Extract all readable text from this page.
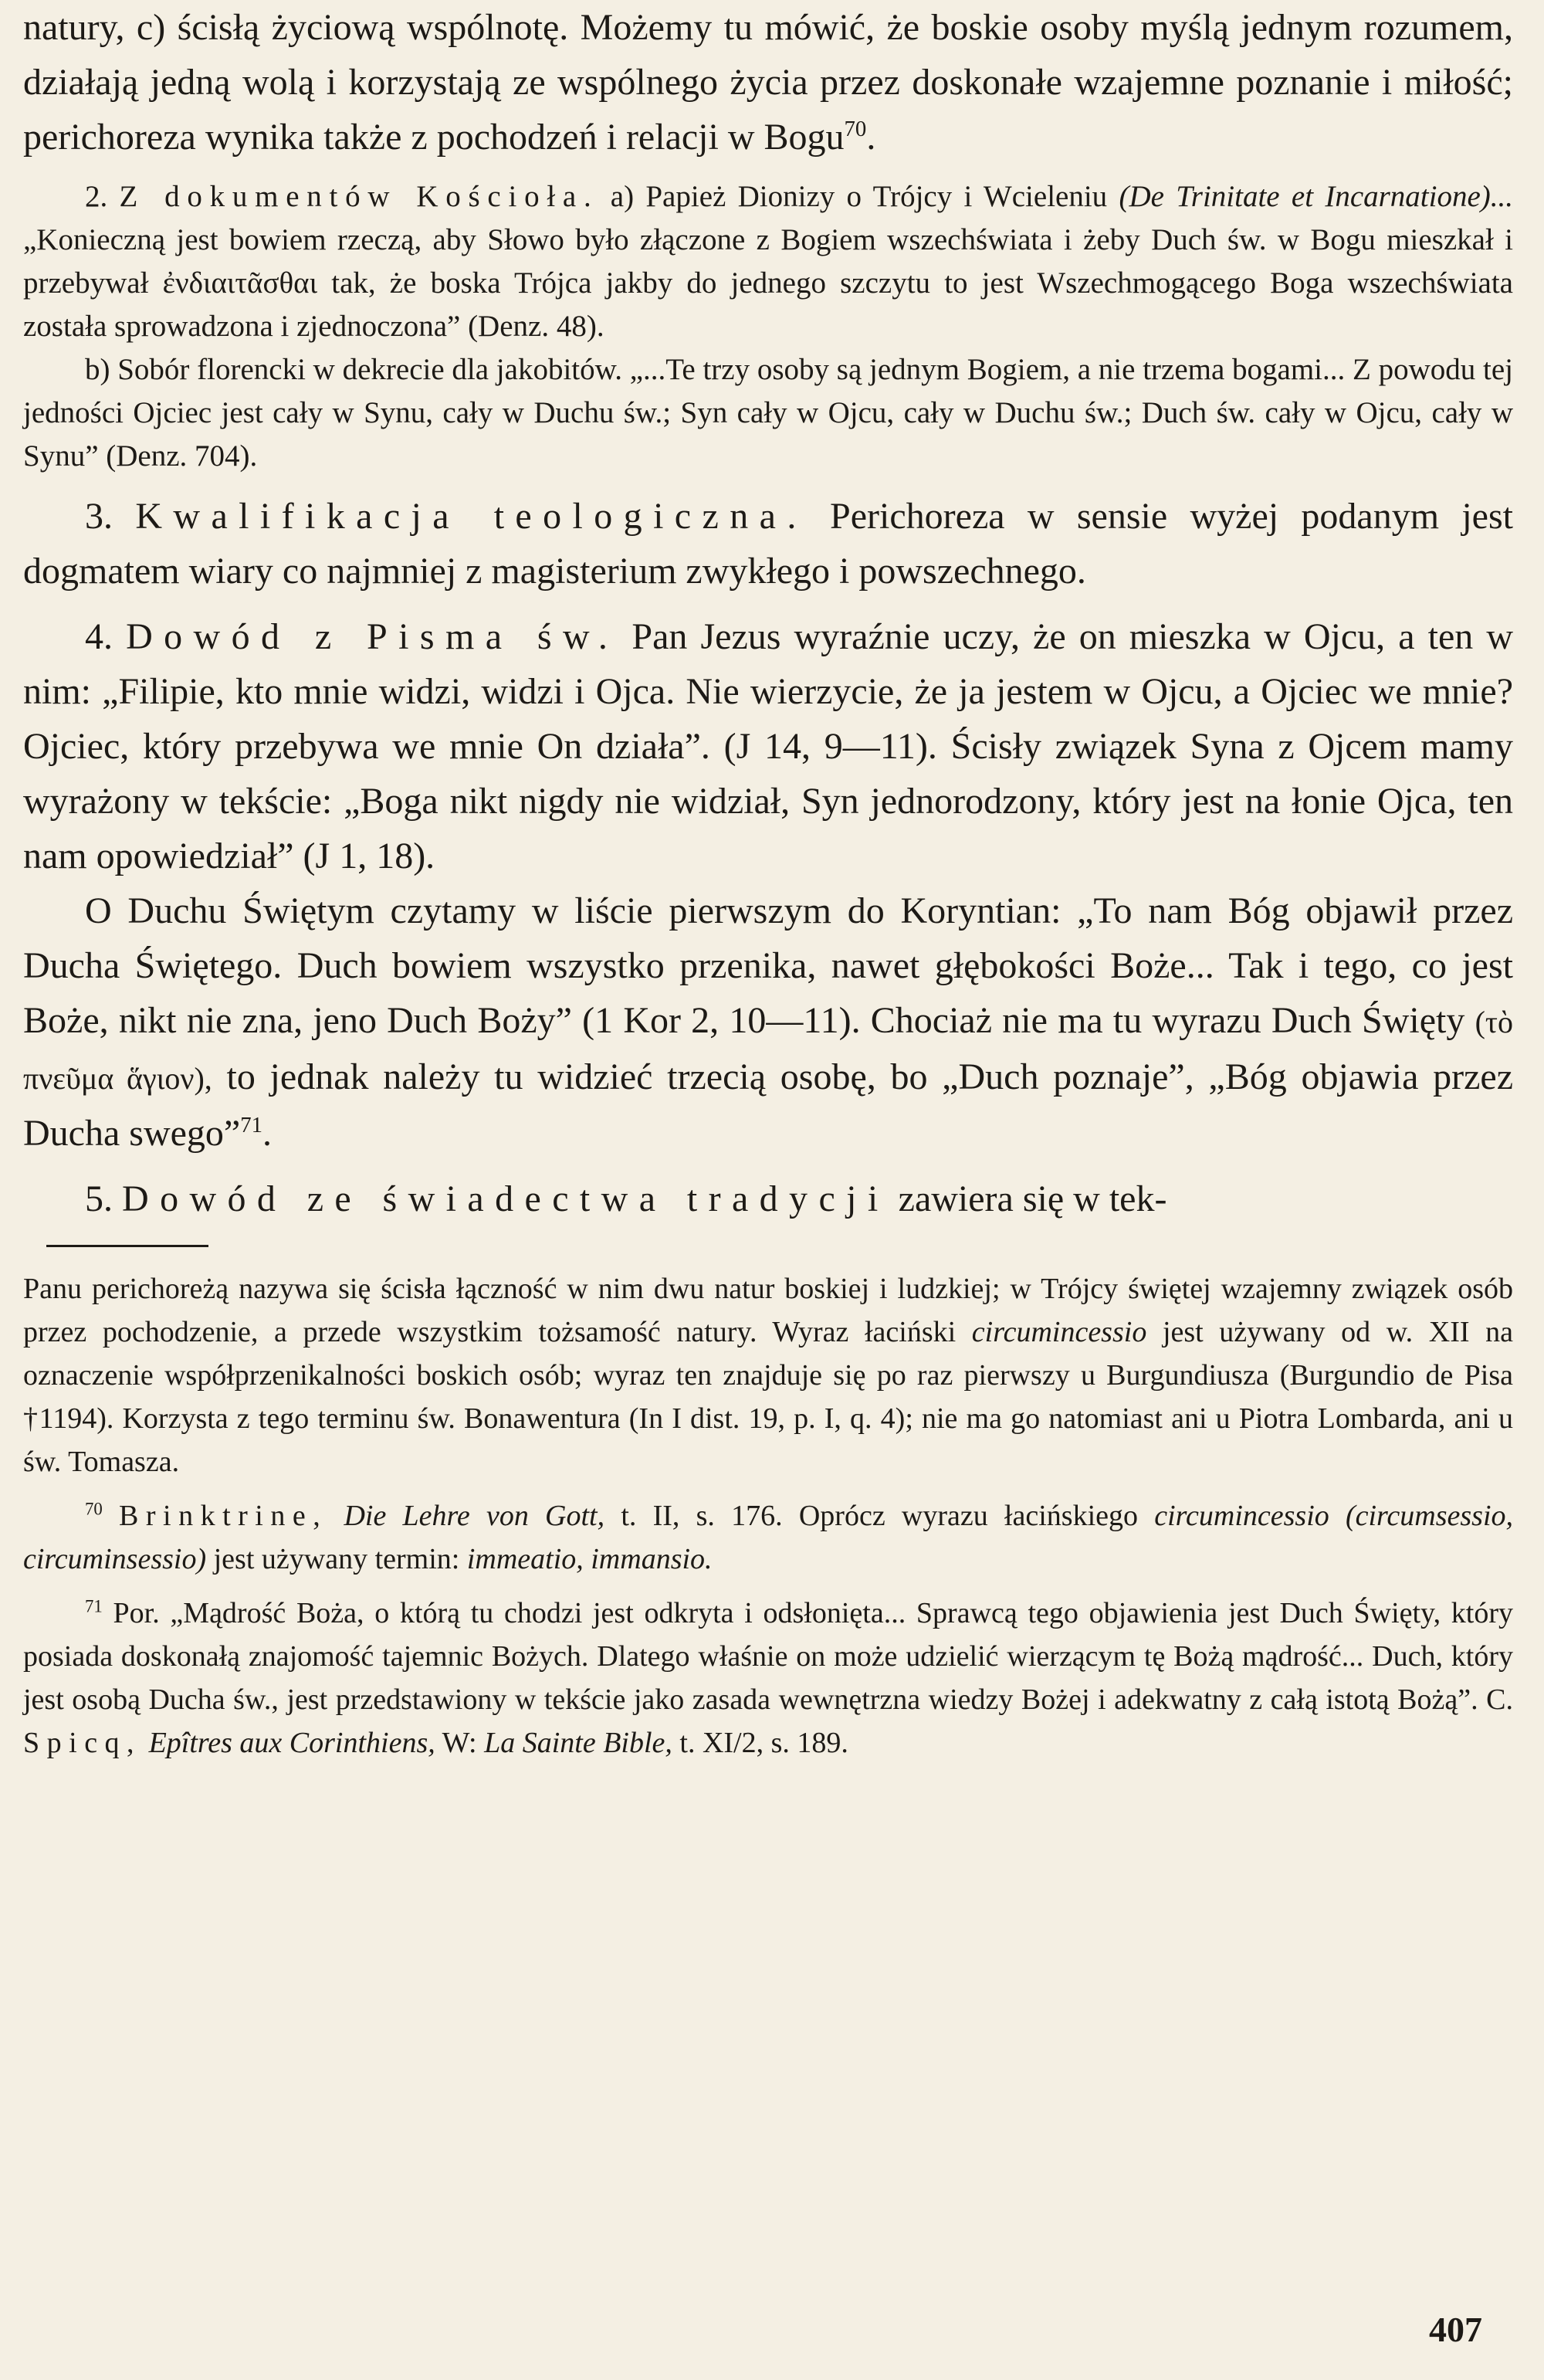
natury, c) ścisłą życiową wspólnotę. Możemy tu mówić, że boskie osoby myślą jednym rozumem, działają jedną wolą i korzystają ze wspólnego życia przez doskonałe wzajemne poznanie i miłość; perichoreza wynika także z pochodzeń i relacji w Bogu$^{70}$.

2. Z dokumentów Kościoła. a) Papież Dionizy o Trójcy i Wcieleniu (De Trinitate et Incarnatione)... „Konieczną jest bowiem rzeczą, aby Słowo było złączone z Bogiem wszechświata i żeby Duch św. w Bogu mieszkał i przebywał ἐνδιαιτᾶσθαι tak, że boska Trójca jakby do jednego szczytu to jest Wszechmogącego Boga wszechświata została sprowadzona i zjednoczona” (Denz. 48).

b) Sobór florencki w dekrecie dla jakobitów. „...Te trzy osoby są jednym Bogiem, a nie trzema bogami... Z powodu tej jedności Ojciec jest cały w Synu, cały w Duchu św.; Syn cały w Ojcu, cały w Duchu św.; Duch św. cały w Ojcu, cały w Synu” (Denz. 704).

3. Kwalifikacja teologiczna. Perichoreza w sensie wyżej podanym jest dogmatem wiary co najmniej z magisterium zwykłego i powszechnego.

4. Dowód z Pisma św. Pan Jezus wyraźnie uczy, że on mieszka w Ojcu, a ten w nim: „Filipie, kto mnie widzi, widzi i Ojca. Nie wierzycie, że ja jestem w Ojcu, a Ojciec we mnie? Ojciec, który przebywa we mnie On działa”. (J 14, 9—11). Ścisły związek Syna z Ojcem mamy wyrażony w tekście: „Boga nikt nigdy nie widział, Syn jednorodzony, który jest na łonie Ojca, ten nam opowiedział” (J 1, 18).

O Duchu Świętym czytamy w liście pierwszym do Koryntian: „To nam Bóg objawił przez Ducha Świętego. Duch bowiem wszystko przenika, nawet głębokości Boże... Tak i tego, co jest Boże, nikt nie zna, jeno Duch Boży” (1 Kor 2, 10—11). Chociaż nie ma tu wyrazu Duch Święty (τὸ πνεῦμα ἅγιον), to jednak należy tu widzieć trzecią osobę, bo „Duch poznaje”, „Bóg objawia przez Ducha swego”$^{71}$.

5. Dowód ze świadectwa tradycji zawiera się w tek-

Panu perichoreżą nazywa się ścisła łączność w nim dwu natur boskiej i ludzkiej; w Trójcy świętej wzajemny związek osób przez pochodzenie, a przede wszystkim tożsamość natury. Wyraz łaciński circumincessio jest używany od w. XII na oznaczenie współprzenikalności boskich osób; wyraz ten znajduje się po raz pierwszy u Burgundiusza (Burgundio de Pisa †1194). Korzysta z tego terminu św. Bonawentura (In I dist. 19, p. I, q. 4); nie ma go natomiast ani u Piotra Lombarda, ani u św. Tomasza.

$^{70}$ Brinktrine, Die Lehre von Gott, t. II, s. 176. Oprócz wyrazu łacińskiego circumincessio (circumsessio, circuminsessio) jest używany termin: immeatio, immansio.

$^{71}$ Por. „Mądrość Boża, o którą tu chodzi jest odkryta i odsłonięta... Sprawcą tego objawienia jest Duch Święty, który posiada doskonałą znajomość tajemnic Bożych. Dlatego właśnie on może udzielić wierzącym tę Bożą mądrość... Duch, który jest osobą Ducha św., jest przedstawiony w tekście jako zasada wewnętrzna wiedzy Bożej i adekwatny z całą istotą Bożą”. C. Spicq, Epîtres aux Corinthiens, W: La Sainte Bible, t. XI/2, s. 189.

407
